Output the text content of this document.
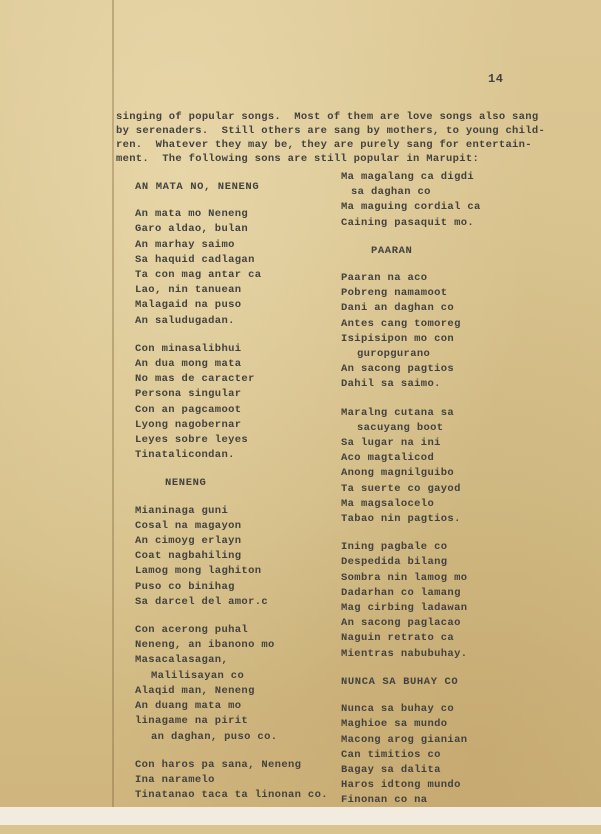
14
singing of popular songs.  Most of them are love songs also sang
by serenaders.  Still others are sang by mothers, to young child-
ren.  Whatever they may be, they are purely sang for entertain-
ment.  The following sons are still popular in Marupit:
AN MATA NO, NENENG
An mata mo Neneng
Garo aldao, bulan
An marhay saimo
Sa haquid cadlagan
Ta con mag antar ca
Lao, nin tanuean
Malagaid na puso
An saludugadan.
Con minasalibhui
An dua mong mata
No mas de caracter
Persona singular
Con an pagcamoot
Lyong nagobernar
Leyes sobre leyes
Tinatalicondan.
NENENG
Mianinaga guni
Cosal na magayon
An cimoyg erlayn
Coat nagbahiling
Lamog mong laghiton
Puso co binihag
Sa darcel del amor.c
Con acerong puhal
Neneng, an ibanono mo
Masacalasagan,
Malilisayan co
Alaqid man, Neneng
An duang mata mo
linagame na pirit
an daghan, puso co.
Con haros pa sana, Neneng
Ina naramelo
Tinatanao taca ta linonan co.
Ma magalang ca digdi
sa daghan co
Ma maguing cordial ca
Caining pasaquit mo.
PAARAN
Paaran na aco
Pobreng namamoot
Dani an daghan co
Antes cang tomoreg
Isipisipon mo con
guropgurano
An sacong pagtios
Dahil sa saimo.
Maralng cutana sa
sacuyang boot
Sa lugar na ini
Aco magtalicod
Anong magnilguibo
Ta suerte co gayod
Ma magsalocelo
Tabao nin pagtios.
Ining pagbale co
Despedida bilang
Sombra nin lamog mo
Dadarhan co lamang
Mag cirbing ladawan
An sacong paglacao
Naguin retrato ca
Mientras nabubuhay.
NUNCA SA BUHAY CO
Nunca sa buhay co
Maghioe sa mundo
Macong arog gianian
Can timitios co
Bagay sa dalita
Haros idtong mundo
Finonan co na
